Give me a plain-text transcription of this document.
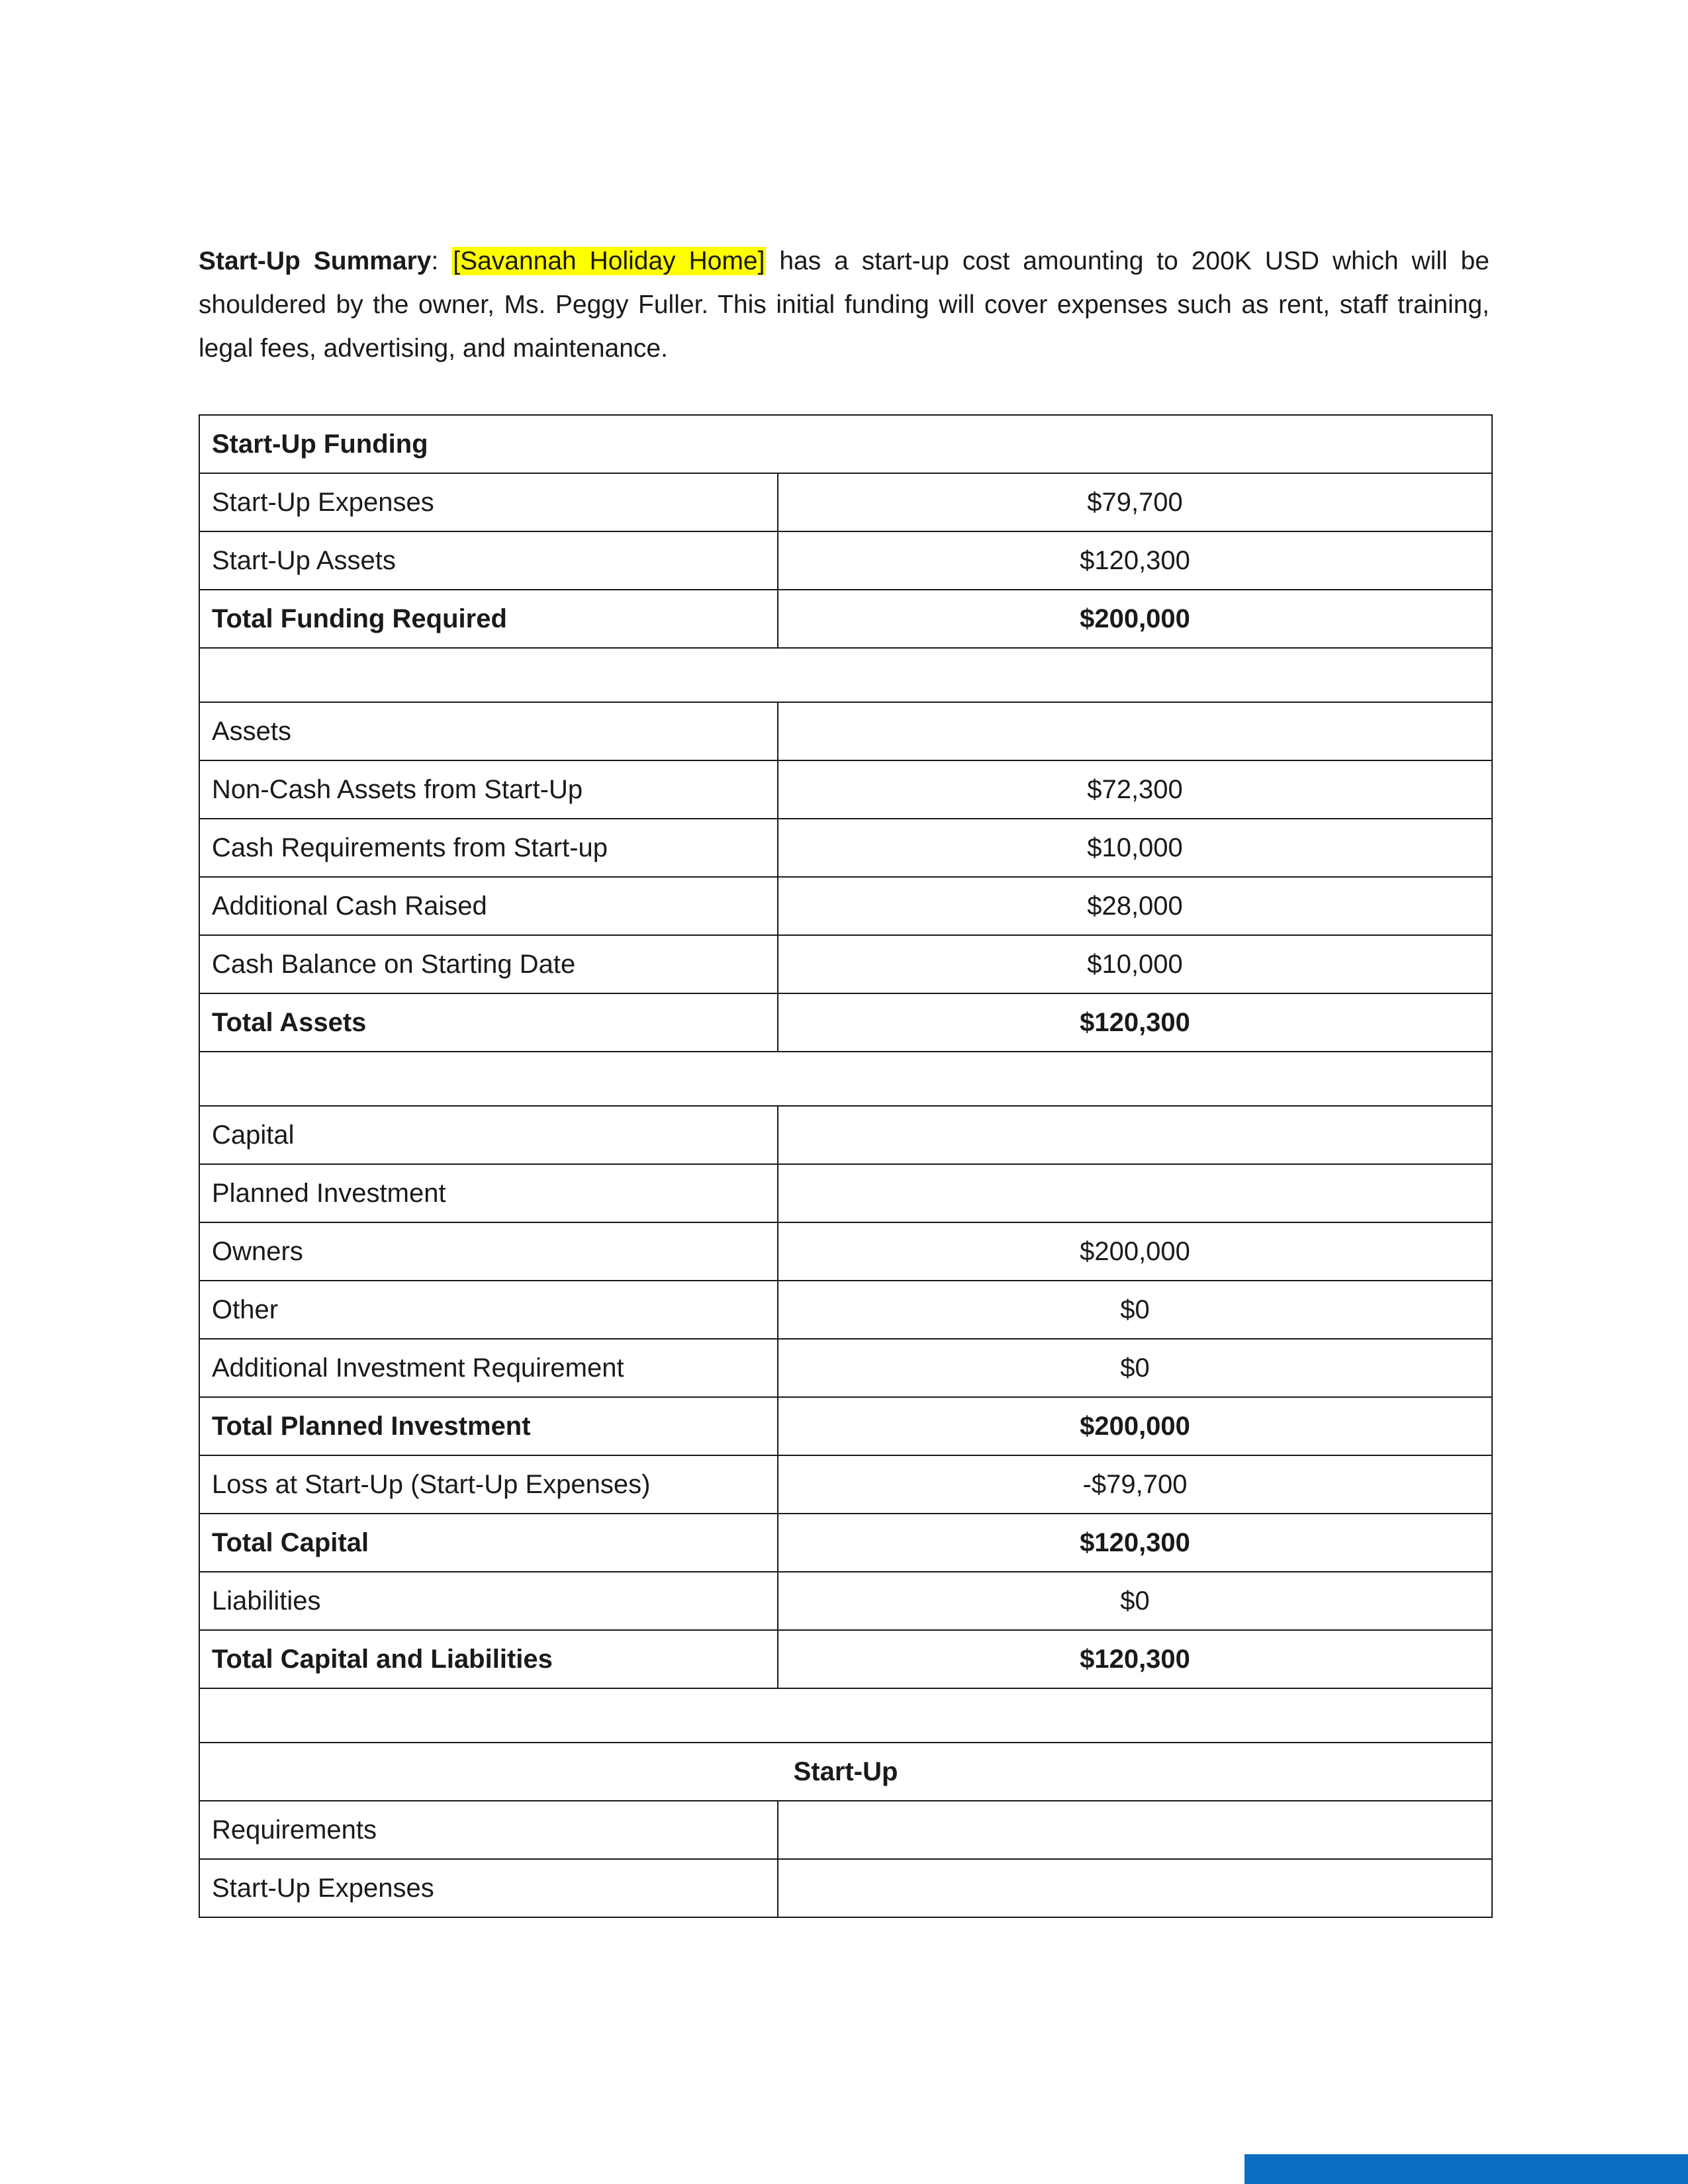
Start-Up Summary: [Savannah Holiday Home] has a start-up cost amounting to 200K USD which will be shouldered by the owner, Ms. Peggy Fuller. This initial funding will cover expenses such as rent, staff training, legal fees, advertising, and maintenance.

Start-Up Funding	
Start-Up Expenses	$79,700
Start-Up Assets	$120,300
Total Funding Required	$200,000

Assets	
Non-Cash Assets from Start-Up	$72,300
Cash Requirements from Start-up	$10,000
Additional Cash Raised	$28,000
Cash Balance on Starting Date	$10,000
Total Assets	$120,300

Capital	
Planned Investment	
Owners	$200,000
Other	$0
Additional Investment Requirement	$0
Total Planned Investment	$200,000
Loss at Start-Up (Start-Up Expenses)	-$79,700
Total Capital	$120,300
Liabilities	$0
Total Capital and Liabilities	$120,300

Start-Up	
Requirements	
Start-Up Expenses	
